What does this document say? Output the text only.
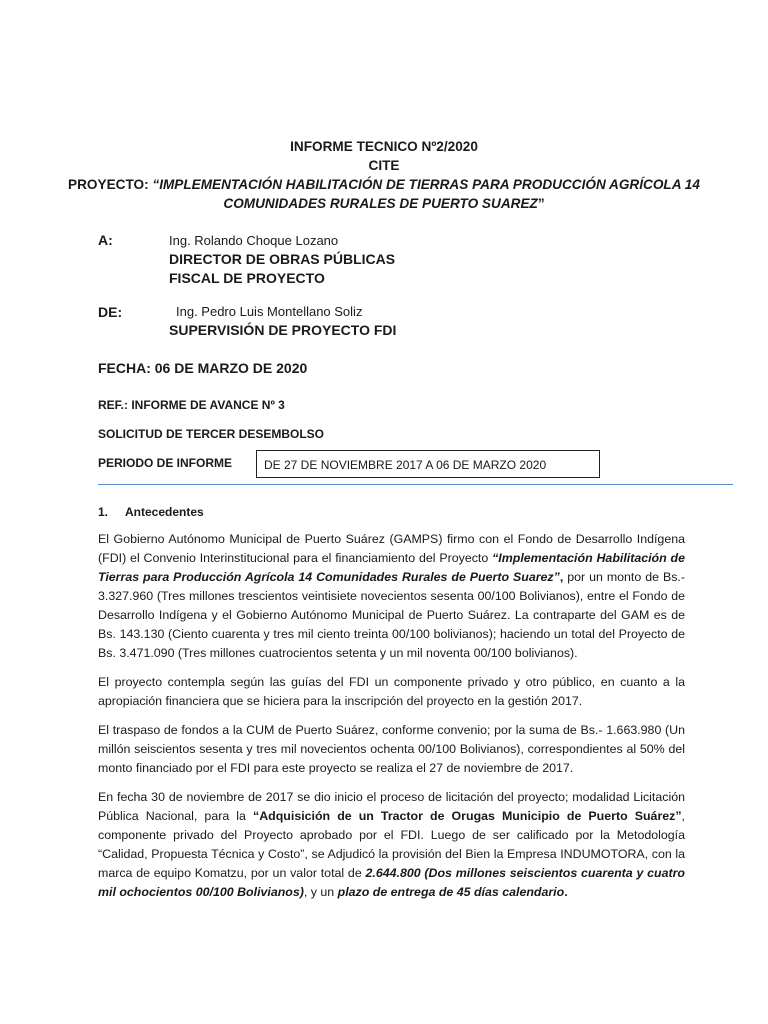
INFORME TECNICO Nº2/2020
CITE
PROYECTO: “IMPLEMENTACIÓN HABILITACIÓN DE TIERRAS PARA PRODUCCIÓN AGRÍCOLA 14
COMUNIDADES RURALES DE PUERTO SUAREZ”
A:	Ing. Rolando Choque Lozano
DIRECTOR DE OBRAS PÚBLICAS
FISCAL DE PROYECTO
DE:	Ing. Pedro Luis Montellano Soliz
SUPERVISIÓN DE PROYECTO FDI
FECHA: 06 DE MARZO DE 2020
REF.: INFORME DE AVANCE Nº 3
SOLICITUD DE TERCER DESEMBOLSO
PERIODO DE INFORME	DE 27 DE NOVIEMBRE 2017 A 06 DE MARZO 2020
1. Antecedentes
El Gobierno Autónomo Municipal de Puerto Suárez (GAMPS) firmo con el Fondo de Desarrollo Indígena (FDI) el Convenio Interinstitucional para el financiamiento del Proyecto “Implementación Habilitación de Tierras para Producción Agrícola 14 Comunidades Rurales de Puerto Suarez”, por un monto de Bs.- 3.327.960 (Tres millones trescientos veintisiete novecientos sesenta 00/100 Bolivianos), entre el Fondo de Desarrollo Indígena y el Gobierno Autónomo Municipal de Puerto Suárez. La contraparte del GAM es de Bs. 143.130 (Ciento cuarenta y tres mil ciento treinta 00/100 bolivianos); haciendo un total del Proyecto de Bs. 3.471.090 (Tres millones cuatrocientos setenta y un mil noventa 00/100 bolivianos).
El proyecto contempla según las guías del FDI un componente privado y otro público, en cuanto a la apropiación financiera que se hiciera para la inscripción del proyecto en la gestión 2017.
El traspaso de fondos a la CUM de Puerto Suárez, conforme convenio; por la suma de Bs.- 1.663.980 (Un millón seiscientos sesenta y tres mil novecientos ochenta 00/100 Bolivianos), correspondientes al 50% del monto financiado por el FDI para este proyecto se realiza el 27 de noviembre de 2017.
En fecha 30 de noviembre de 2017 se dio inicio el proceso de licitación del proyecto; modalidad Licitación Pública Nacional, para la “Adquisición de un Tractor de Orugas Municipio de Puerto Suárez”, componente privado del Proyecto aprobado por el FDI. Luego de ser calificado por la Metodología “Calidad, Propuesta Técnica y Costo”, se Adjudicó la provisión del Bien la Empresa INDUMOTORA, con la marca de equipo Komatzu, por un valor total de 2.644.800 (Dos millones seiscientos cuarenta y cuatro mil ochocientos 00/100 Bolivianos), y un plazo de entrega de 45 días calendario.
